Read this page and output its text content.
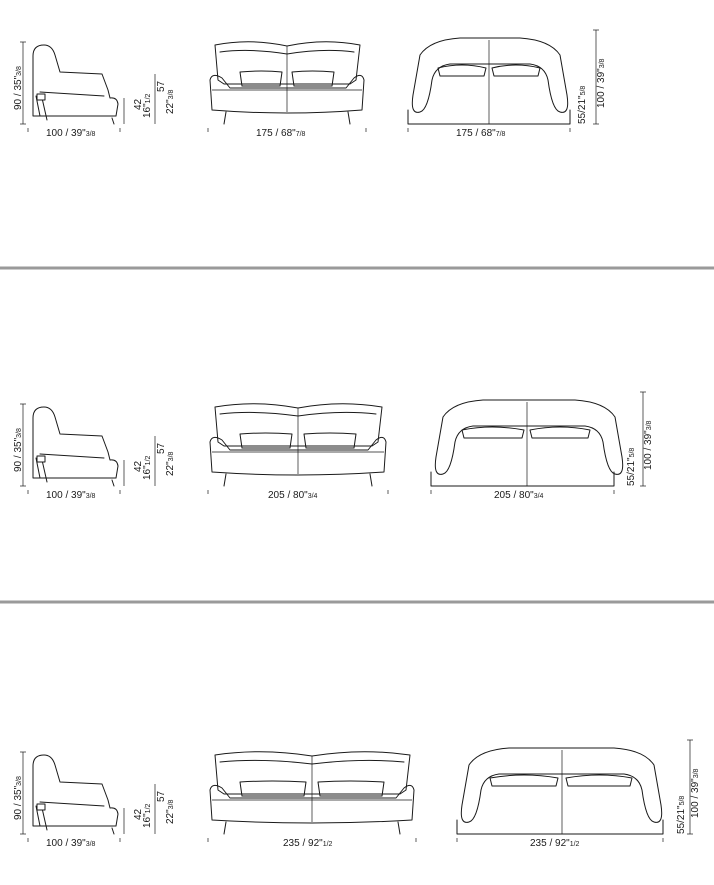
90 / 35"3/8
100 / 39"3/8
42
16"1/2
57
22"3/8
175 / 68"7/8	175 / 68"7/8
55/21"5/8 100 / 39"3/8
90 / 35"3/8
100 / 39"3/8
42
16"1/2
57
22"3/8
205 / 80"3/4	205 / 80"3/4
55/21"5/8 100 / 39"3/8
90 / 35"3/8
100 / 39"3/8
42
16"1/2
57
22"3/8
235 / 92"1/2	235 / 92"1/2
55/21"5/8 100 / 39"3/8
